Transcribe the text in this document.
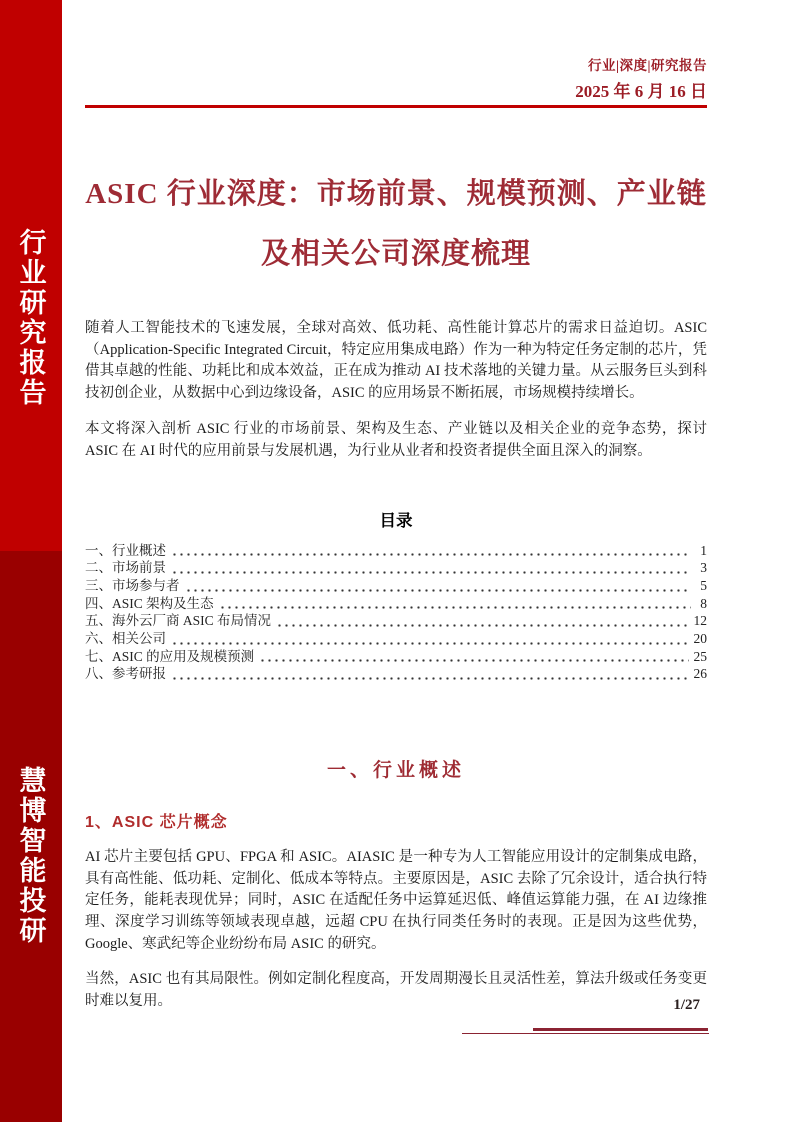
行业研究报告
慧博智能投研
行业|深度|研究报告
2025 年 6 月 16 日
ASIC 行业深度：市场前景、规模预测、产业链及相关公司深度梳理

随着人工智能技术的飞速发展，全球对高效、低功耗、高性能计算芯片的需求日益迫切。ASIC（Application-Specific Integrated Circuit，特定应用集成电路）作为一种为特定任务定制的芯片，凭借其卓越的性能、功耗比和成本效益，正在成为推动 AI 技术落地的关键力量。从云服务巨头到科技初创企业，从数据中心到边缘设备，ASIC 的应用场景不断拓展，市场规模持续增长。

本文将深入剖析 ASIC 行业的市场前景、架构及生态、产业链以及相关企业的竞争态势，探讨 ASIC 在 AI 时代的应用前景与发展机遇，为行业从业者和投资者提供全面且深入的洞察。

目录
一、行业概述	1
二、市场前景	3
三、市场参与者	5
四、ASIC 架构及生态	8
五、海外云厂商 ASIC 布局情况	12
六、相关公司	20
七、ASIC 的应用及规模预测	25
八、参考研报	26
一、行业概述
1、ASIC 芯片概念

AI 芯片主要包括 GPU、FPGA 和 ASIC。AIASIC 是一种专为人工智能应用设计的定制集成电路，具有高性能、低功耗、定制化、低成本等特点。主要原因是，ASIC 去除了冗余设计，适合执行特定任务，能耗表现优异；同时，ASIC 在适配任务中运算延迟低、峰值运算能力强，在 AI 边缘推理、深度学习训练等领域表现卓越，远超 CPU 在执行同类任务时的表现。正是因为这些优势，Google、寒武纪等企业纷纷布局 ASIC 的研究。

当然，ASIC 也有其局限性。例如定制化程度高，开发周期漫长且灵活性差，算法升级或任务变更时难以复用。	1/27
